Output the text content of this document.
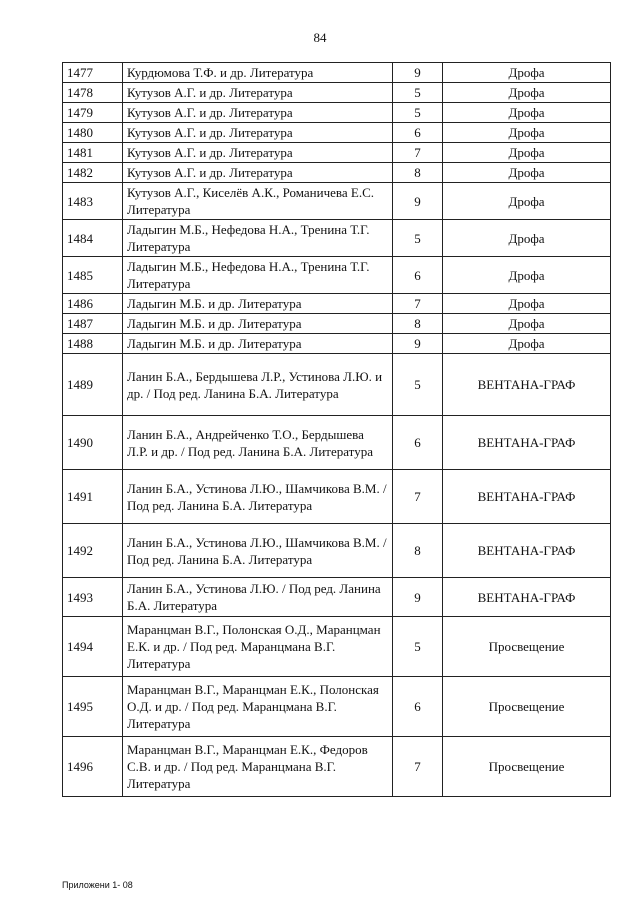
84
1477	Курдюмова Т.Ф. и др. Литература	9	Дрофа
1478	Кутузов А.Г. и др. Литература	5	Дрофа
1479	Кутузов А.Г. и др. Литература	5	Дрофа
1480	Кутузов А.Г. и др. Литература	6	Дрофа
1481	Кутузов А.Г. и др. Литература	7	Дрофа
1482	Кутузов А.Г. и др. Литература	8	Дрофа
1483	Кутузов А.Г., Киселёв А.К., Романичева Е.С. Литература	9	Дрофа
1484	Ладыгин М.Б., Нефедова Н.А., Тренина Т.Г. Литература	5	Дрофа
1485	Ладыгин М.Б., Нефедова Н.А., Тренина Т.Г. Литература	6	Дрофа
1486	Ладыгин М.Б. и др. Литература	7	Дрофа
1487	Ладыгин М.Б. и др. Литература	8	Дрофа
1488	Ладыгин М.Б. и др. Литература	9	Дрофа
1489	Ланин Б.А., Бердышева Л.Р., Устинова Л.Ю. и др. / Под ред. Ланина Б.А. Литература	5	ВЕНТАНА-ГРАФ
1490	Ланин Б.А., Андрейченко Т.О., Бердышева Л.Р. и др. / Под ред. Ланина Б.А. Литература	6	ВЕНТАНА-ГРАФ
1491	Ланин Б.А., Устинова Л.Ю., Шамчикова В.М. / Под ред. Ланина Б.А. Литература	7	ВЕНТАНА-ГРАФ
1492	Ланин Б.А., Устинова Л.Ю., Шамчикова В.М. / Под ред. Ланина Б.А. Литература	8	ВЕНТАНА-ГРАФ
1493	Ланин Б.А., Устинова Л.Ю. / Под ред. Ланина Б.А. Литература	9	ВЕНТАНА-ГРАФ
1494	Маранцман В.Г., Полонская О.Д., Маранцман Е.К. и др. / Под ред. Маранцмана В.Г. Литература	5	Просвещение
1495	Маранцман В.Г., Маранцман Е.К., Полонская О.Д. и др. / Под ред. Маранцмана В.Г. Литература	6	Просвещение
1496	Маранцман В.Г., Маранцман Е.К., Федоров С.В. и др. / Под ред. Маранцмана В.Г. Литература	7	Просвещение
Приложени 1- 08
